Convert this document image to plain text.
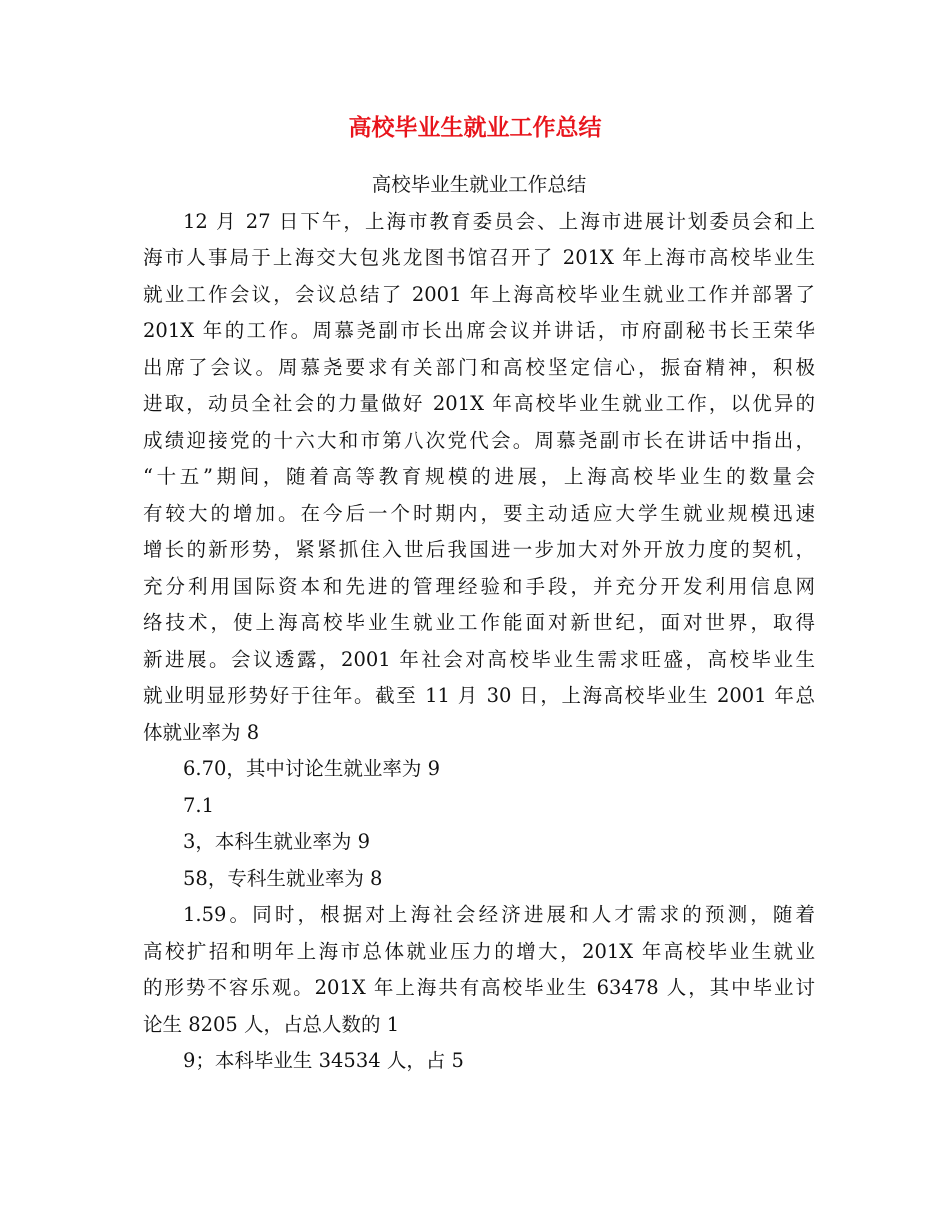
高校毕业生就业工作总结
高校毕业生就业工作总结
12 月 27 日下午，上海市教育委员会、上海市进展计划委员会和上
海市人事局于上海交大包兆龙图书馆召开了 201X 年上海市高校毕业生
就业工作会议，会议总结了 2001 年上海高校毕业生就业工作并部署了
201X 年的工作。周慕尧副市长出席会议并讲话，市府副秘书长王荣华
出席了会议。周慕尧要求有关部门和高校坚定信心，振奋精神，积极
进取，动员全社会的力量做好 201X 年高校毕业生就业工作，以优异的
成绩迎接党的十六大和市第八次党代会。周慕尧副市长在讲话中指出，
“十五”期间，随着高等教育规模的进展，上海高校毕业生的数量会
有较大的增加。在今后一个时期内，要主动适应大学生就业规模迅速
增长的新形势，紧紧抓住入世后我国进一步加大对外开放力度的契机，
充分利用国际资本和先进的管理经验和手段，并充分开发利用信息网
络技术，使上海高校毕业生就业工作能面对新世纪，面对世界，取得
新进展。会议透露，2001 年社会对高校毕业生需求旺盛，高校毕业生
就业明显形势好于往年。截至 11 月 30 日，上海高校毕业生 2001 年总
体就业率为 8
6.70，其中讨论生就业率为 9
7.1
3，本科生就业率为 9
58，专科生就业率为 8
1.59。同时，根据对上海社会经济进展和人才需求的预测，随着
高校扩招和明年上海市总体就业压力的增大，201X 年高校毕业生就业
的形势不容乐观。201X 年上海共有高校毕业生 63478 人，其中毕业讨
论生 8205 人，占总人数的 1
9；本科毕业生 34534 人，占 5
